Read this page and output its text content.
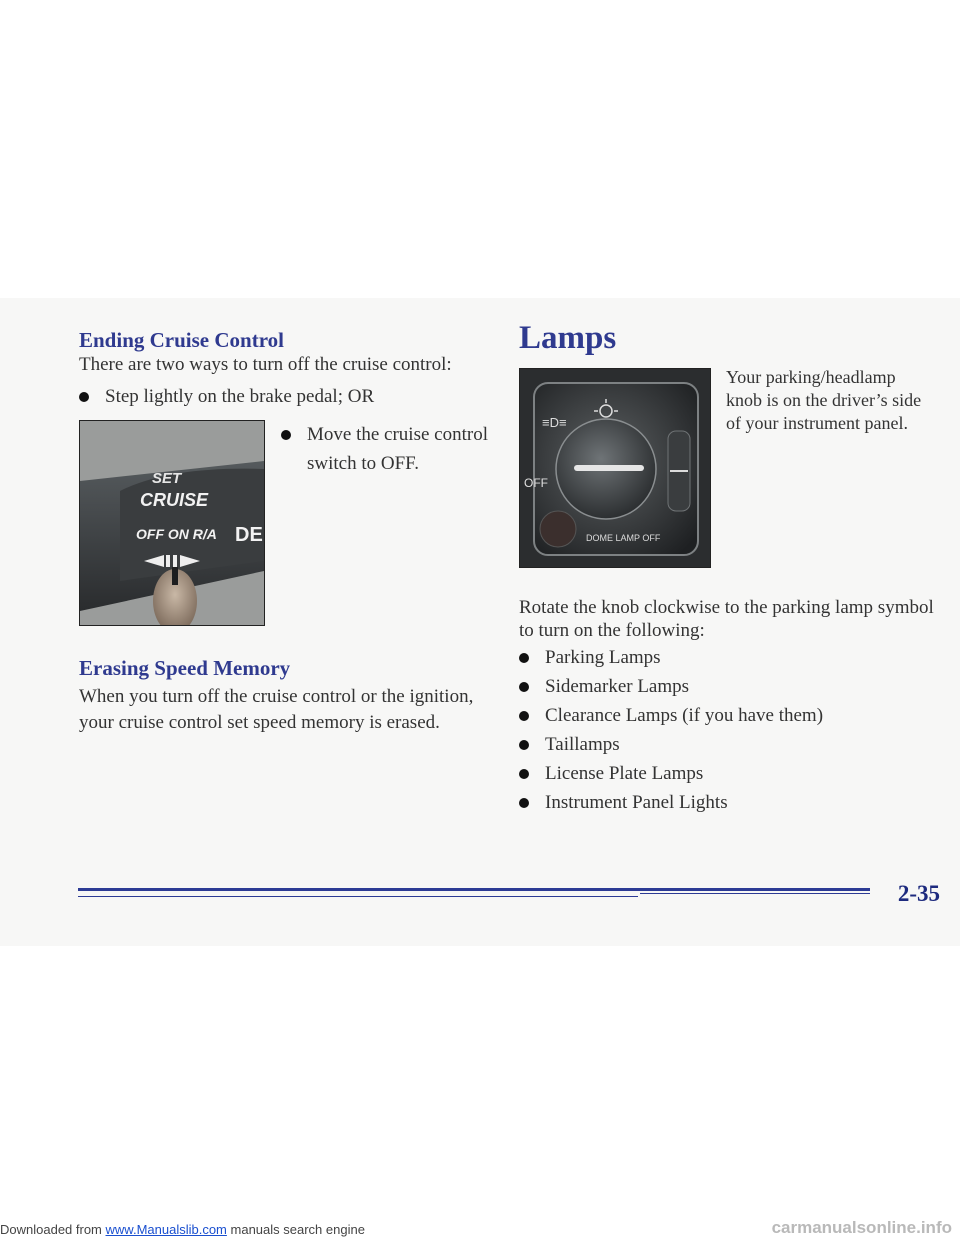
Ending Cruise Control

There are two ways to turn off the cruise control:

Step lightly on the brake pedal; OR
SET
CRUISE
OFF ON R/A DE
Move the cruise control
switch to OFF.
Erasing Speed Memory

When you turn off the cruise control or the ignition,
your cruise control set speed memory is erased.

Lamps
≡D≡
OFF
DOME LAMP OFF

Your parking/headlamp
knob is on the driver’s side
of your instrument panel.

Rotate the knob clockwise to the parking lamp symbol
to turn on the following:

Parking Lamps
Sidemarker Lamps
Clearance Lamps (if you have them)
Taillamps
License Plate Lamps
Instrument Panel Lights
2-35
Downloaded from www.Manualslib.com manuals search engine	carmanualsonline.info
